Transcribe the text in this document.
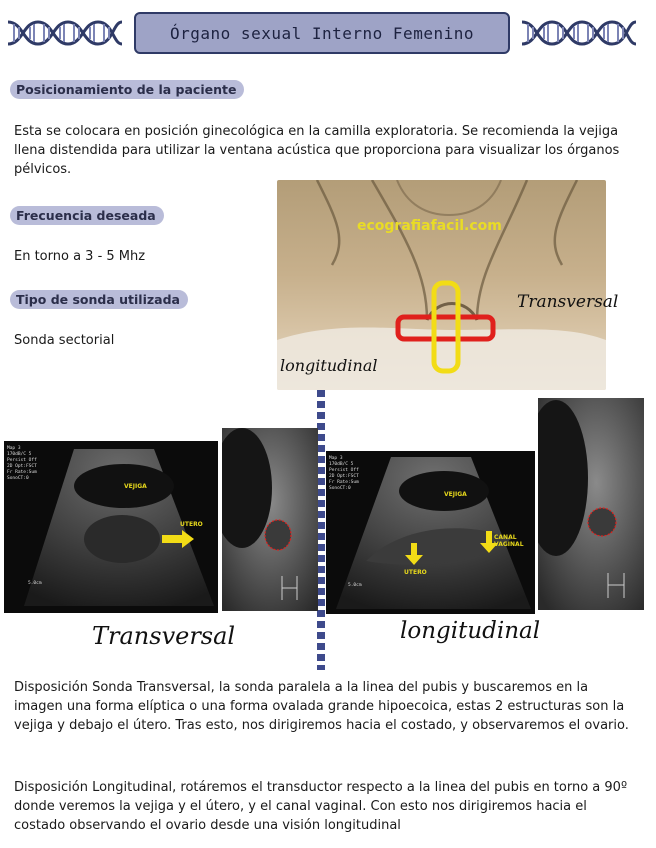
Órgano sexual Interno Femenino
Posicionamiento de la paciente
Esta se colocara en posición ginecológica en la camilla exploratoria. Se recomienda la vejiga llena distendida para utilizar la ventana acústica que proporciona para visualizar los órganos pélvicos.
Frecuencia deseada
En torno a 3 - 5 Mhz
Tipo de sonda utilizada
Sonda sectorial
ecografiafacil.com
Transversal
longitudinal
Map 3
170dB/C 5
Persist Off
2D Opt:FSCT
Fr Rate:Sum
SonoCT:0
VEJIGA
UTERO
5.0cm
Map 3
170dB/C 5
Persist Off
2D Opt:FSCT
Fr Rate:Sum
SonoCT:0
VEJIGA
UTERO
CANAL VAGINAL
5.0cm
Transversal	longitudinal
Disposición Sonda Transversal, la sonda paralela a la linea del pubis y buscaremos en la imagen una forma elíptica o una forma ovalada grande hipoecoica, estas 2 estructuras son la vejiga y debajo el útero. Tras esto, nos dirigiremos hacia el costado, y observaremos el ovario.
Disposición Longitudinal, rotáremos el transductor respecto a la linea del pubis en torno a 90º donde veremos la vejiga y el útero, y el canal vaginal. Con esto nos dirigiremos hacia el costado observando el ovario desde una visión longitudinal
